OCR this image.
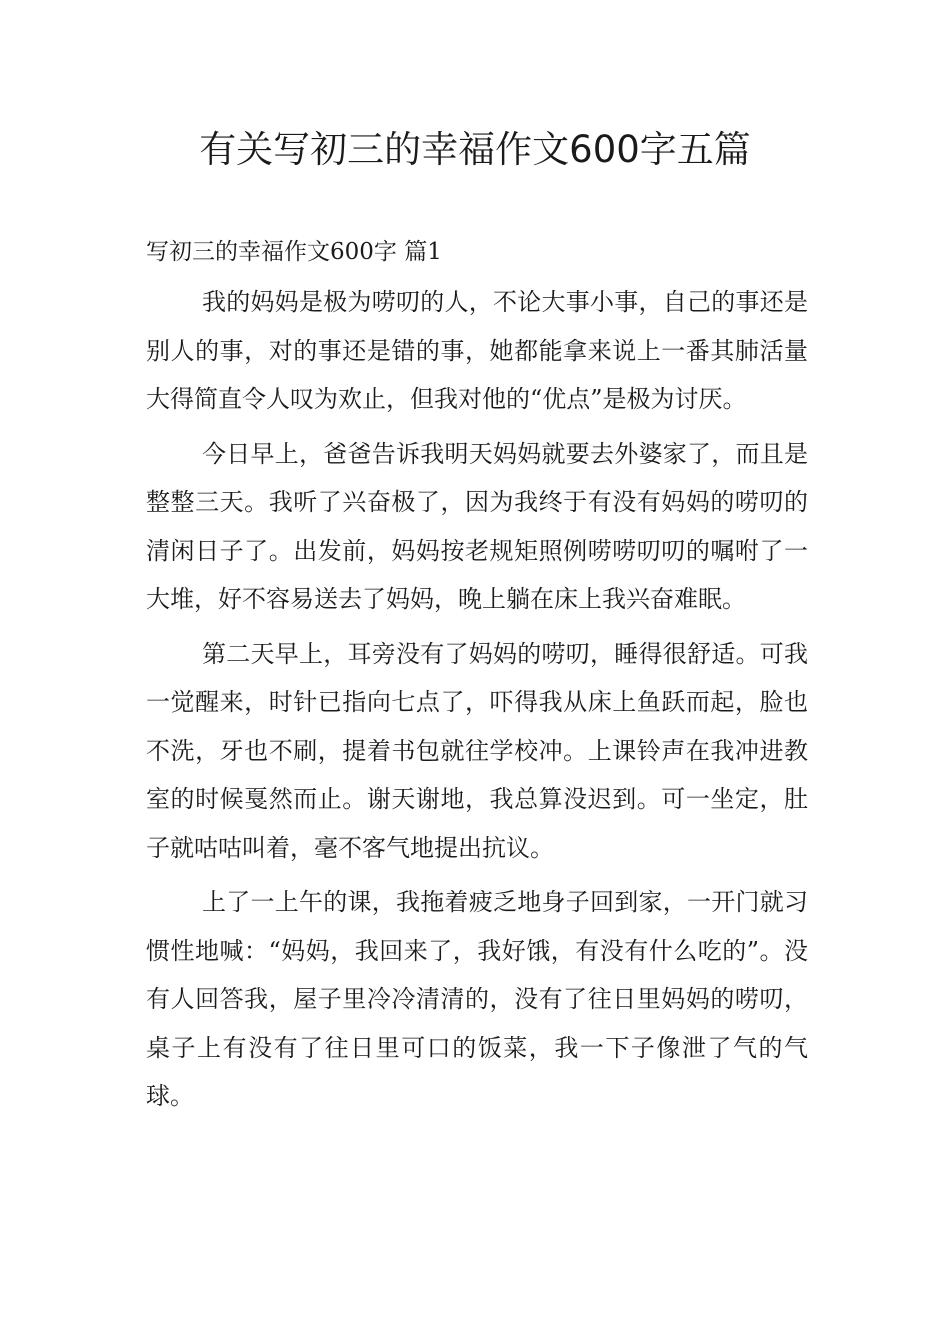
有关写初三的幸福作文600字五篇

写初三的幸福作文600字 篇1

我的妈妈是极为唠叨的人，不论大事小事，自己的事还是别人的事，对的事还是错的事，她都能拿来说上一番其肺活量大得简直令人叹为欢止，但我对他的“优点”是极为讨厌。

今日早上，爸爸告诉我明天妈妈就要去外婆家了，而且是整整三天。我听了兴奋极了，因为我终于有没有妈妈的唠叨的清闲日子了。出发前，妈妈按老规矩照例唠唠叨叨的嘱咐了一大堆，好不容易送去了妈妈，晚上躺在床上我兴奋难眠。

第二天早上，耳旁没有了妈妈的唠叨，睡得很舒适。可我一觉醒来，时针已指向七点了，吓得我从床上鱼跃而起，脸也不洗，牙也不刷，提着书包就往学校冲。上课铃声在我冲进教室的时候戛然而止。谢天谢地，我总算没迟到。可一坐定，肚子就咕咕叫着，毫不客气地提出抗议。

上了一上午的课，我拖着疲乏地身子回到家，一开门就习惯性地喊：“妈妈，我回来了，我好饿，有没有什么吃的”。没有人回答我，屋子里冷冷清清的，没有了往日里妈妈的唠叨，桌子上有没有了往日里可口的饭菜，我一下子像泄了气的气球。
